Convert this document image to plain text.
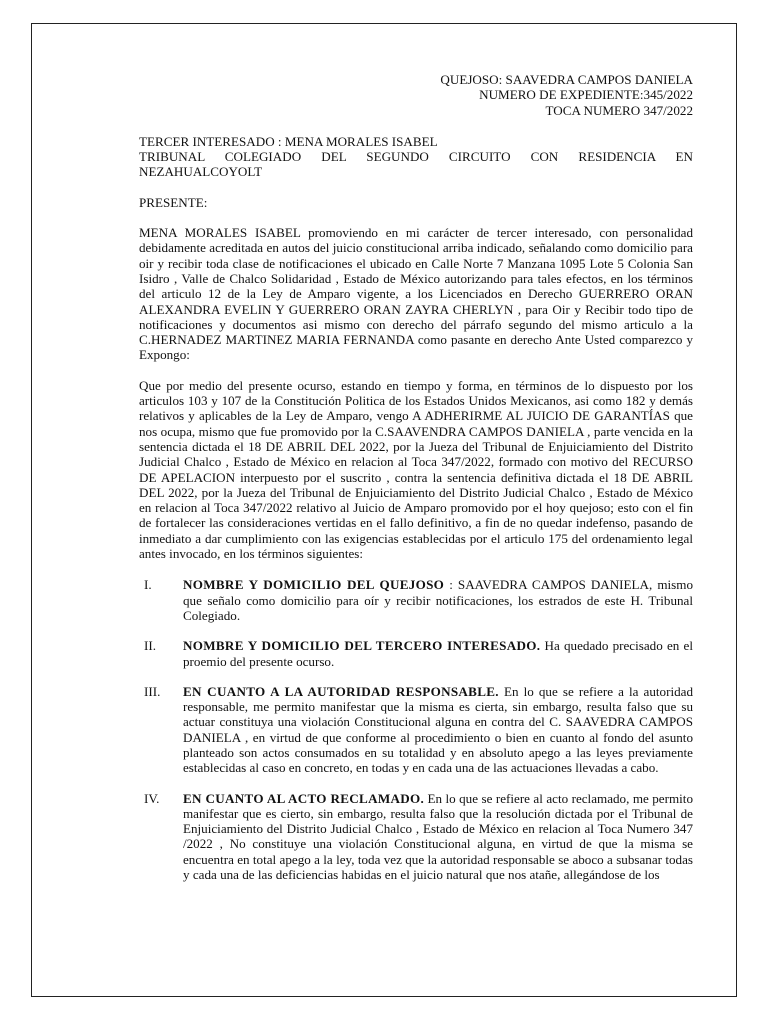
QUEJOSO: SAAVEDRA CAMPOS DANIELA
NUMERO DE EXPEDIENTE:345/2022
TOCA NUMERO 347/2022
TERCER INTERESADO : MENA MORALES ISABEL

TRIBUNAL COLEGIADO DEL SEGUNDO CIRCUITO CON RESIDENCIA EN NEZAHUALCOYOLT

PRESENTE:

MENA MORALES ISABEL promoviendo en mi carácter de tercer interesado, con personalidad debidamente acreditada en autos del juicio constitucional arriba indicado, señalando como domicilio para oir y recibir toda clase de notificaciones el ubicado en Calle Norte 7 Manzana 1095 Lote 5 Colonia San Isidro , Valle de Chalco Solidaridad , Estado de México autorizando para tales efectos, en los términos del articulo 12 de la Ley de Amparo vigente, a los Licenciados en Derecho GUERRERO ORAN ALEXANDRA EVELIN Y GUERRERO ORAN ZAYRA CHERLYN , para Oir y Recibir todo tipo de notificaciones y documentos asi mismo con derecho del párrafo segundo del mismo articulo a la C.HERNADEZ MARTINEZ MARIA FERNANDA como pasante en derecho Ante Usted comparezco y Expongo:

Que por medio del presente ocurso, estando en tiempo y forma, en términos de lo dispuesto por los articulos 103 y 107 de la Constitución Politica de los Estados Unidos Mexicanos, asi como 182 y demás relativos y aplicables de la Ley de Amparo, vengo A ADHERIRME AL JUICIO DE GARANTÍAS que nos ocupa, mismo que fue promovido por la C.SAAVENDRA CAMPOS DANIELA , parte vencida en la sentencia dictada el 18 DE ABRIL DEL 2022, por la Jueza del Tribunal de Enjuiciamiento del Distrito Judicial Chalco , Estado de México en relacion al Toca 347/2022, formado con motivo del RECURSO DE APELACION interpuesto por el suscrito , contra la sentencia definitiva dictada el 18 DE ABRIL DEL 2022, por la Jueza del Tribunal de Enjuiciamiento del Distrito Judicial Chalco , Estado de México en relacion al Toca 347/2022 relativo al Juicio de Amparo promovido por el hoy quejoso; esto con el fin de fortalecer las consideraciones vertidas en el fallo definitivo, a fin de no quedar indefenso, pasando de inmediato a dar cumplimiento con las exigencias establecidas por el articulo 175 del ordenamiento legal antes invocado, en los términos siguientes:

I.	NOMBRE Y DOMICILIO DEL QUEJOSO : SAAVEDRA CAMPOS DANIELA, mismo que señalo como domicilio para oír y recibir notificaciones, los estrados de este H. Tribunal Colegiado.
II.	NOMBRE Y DOMICILIO DEL TERCERO INTERESADO. Ha quedado precisado en el proemio del presente ocurso.
III.	EN CUANTO A LA AUTORIDAD RESPONSABLE. En lo que se refiere a la autoridad responsable, me permito manifestar que la misma es cierta, sin embargo, resulta falso que su actuar constituya una violación Constitucional alguna en contra del C. SAAVEDRA CAMPOS DANIELA , en virtud de que conforme al procedimiento o bien en cuanto al fondo del asunto planteado son actos consumados en su totalidad y en absoluto apego a las leyes previamente establecidas al caso en concreto, en todas y en cada una de las actuaciones llevadas a cabo.
IV.	EN CUANTO AL ACTO RECLAMADO. En lo que se refiere al acto reclamado, me permito manifestar que es cierto, sin embargo, resulta falso que la resolución dictada por el Tribunal de Enjuiciamiento del Distrito Judicial Chalco , Estado de México en relacion al Toca Numero 347 /2022 , No constituye una violación Constitucional alguna, en virtud de que la misma se encuentra en total apego a la ley, toda vez que la autoridad responsable se aboco a subsanar todas y cada una de las deficiencias habidas en el juicio natural que nos atañe, allegándose de los
